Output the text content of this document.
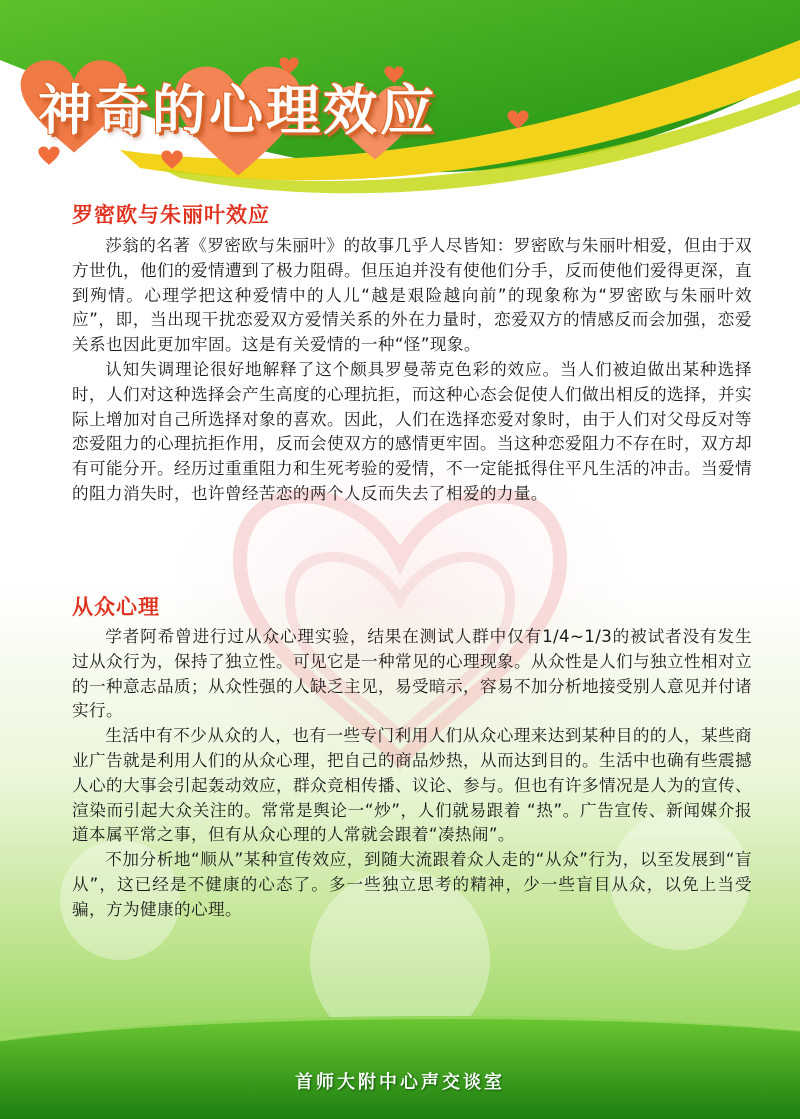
神奇的心理效应
罗密欧与朱丽叶效应

莎翁的名著《罗密欧与朱丽叶》的故事几乎人尽皆知：罗密欧与朱丽叶相爱，但由于双方世仇，他们的爱情遭到了极力阻碍。但压迫并没有使他们分手，反而使他们爱得更深，直到殉情。心理学把这种爱情中的人儿“越是艰险越向前”的现象称为“罗密欧与朱丽叶效应”，即，当出现干扰恋爱双方爱情关系的外在力量时，恋爱双方的情感反而会加强，恋爱关系也因此更加牢固。这是有关爱情的一种“怪”现象。

认知失调理论很好地解释了这个颇具罗曼蒂克色彩的效应。当人们被迫做出某种选择时，人们对这种选择会产生高度的心理抗拒，而这种心态会促使人们做出相反的选择，并实际上增加对自己所选择对象的喜欢。因此，人们在选择恋爱对象时，由于人们对父母反对等恋爱阻力的心理抗拒作用，反而会使双方的感情更牢固。当这种恋爱阻力不存在时，双方却有可能分开。经历过重重阻力和生死考验的爱情，不一定能抵得住平凡生活的冲击。当爱情的阻力消失时，也许曾经苦恋的两个人反而失去了相爱的力量。

从众心理

学者阿希曾进行过从众心理实验，结果在测试人群中仅有1/4~1/3的被试者没有发生过从众行为，保持了独立性。可见它是一种常见的心理现象。从众性是人们与独立性相对立的一种意志品质；从众性强的人缺乏主见，易受暗示，容易不加分析地接受别人意见并付诸实行。

生活中有不少从众的人，也有一些专门利用人们从众心理来达到某种目的的人，某些商业广告就是利用人们的从众心理，把自己的商品炒热，从而达到目的。生活中也确有些震撼人心的大事会引起轰动效应，群众竞相传播、议论、参与。但也有许多情况是人为的宣传、渲染而引起大众关注的。常常是舆论一“炒”，人们就易跟着 “热”。广告宣传、新闻媒介报道本属平常之事，但有从众心理的人常就会跟着“凑热闹”。

不加分析地“顺从”某种宣传效应，到随大流跟着众人走的“从众”行为，以至发展到“盲从”，这已经是不健康的心态了。多一些独立思考的精神，少一些盲目从众，以免上当受骗，方为健康的心理。

首师大附中心声交谈室
